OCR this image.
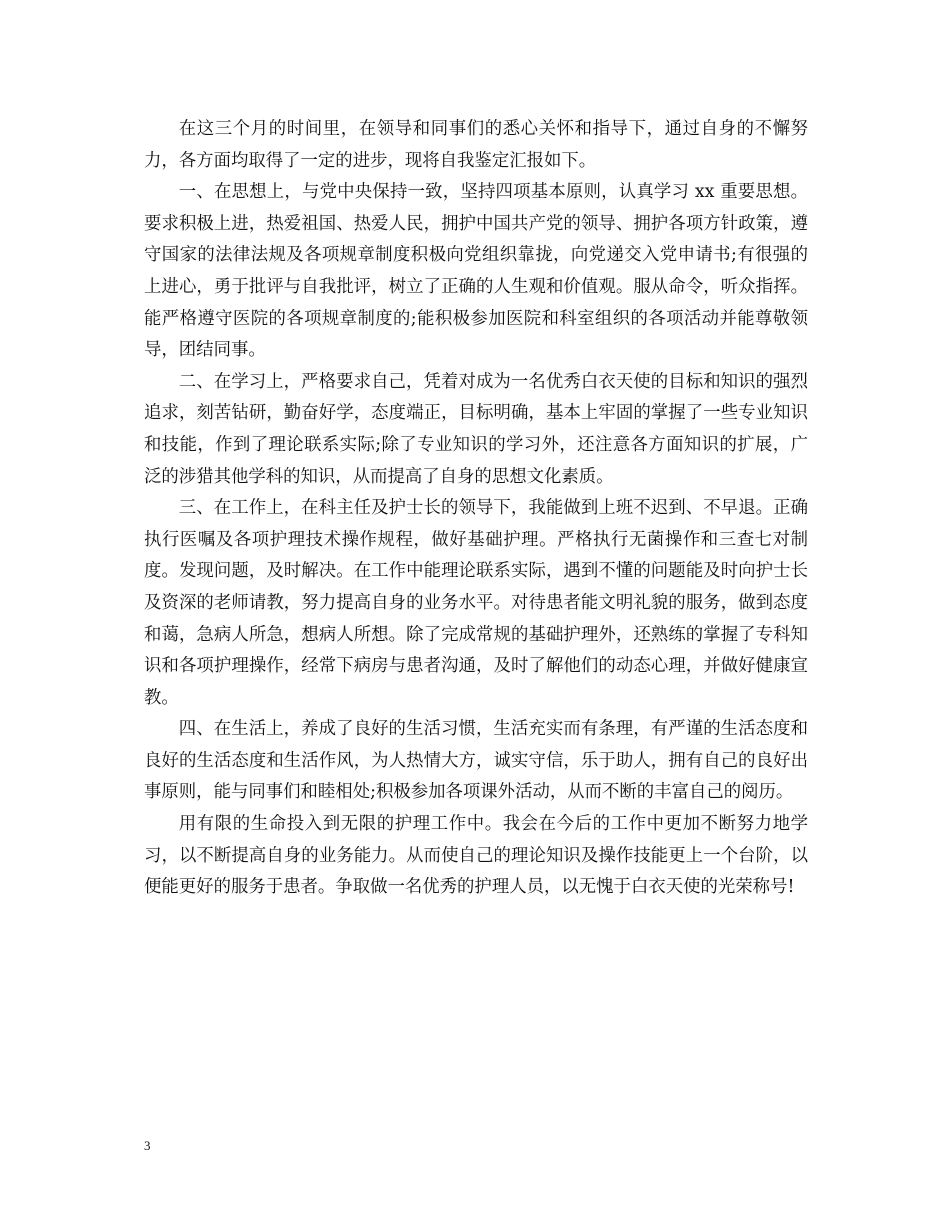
在这三个月的时间里，在领导和同事们的悉心关怀和指导下，通过自身的不懈努力，各方面均取得了一定的进步，现将自我鉴定汇报如下。

一、在思想上，与党中央保持一致，坚持四项基本原则，认真学习 xx 重要思想。要求积极上进，热爱祖国、热爱人民，拥护中国共产党的领导、拥护各项方针政策，遵守国家的法律法规及各项规章制度积极向党组织靠拢，向党递交入党申请书;有很强的上进心，勇于批评与自我批评，树立了正确的人生观和价值观。服从命令，听众指挥。能严格遵守医院的各项规章制度的;能积极参加医院和科室组织的各项活动并能尊敬领导，团结同事。

二、在学习上，严格要求自己，凭着对成为一名优秀白衣天使的目标和知识的强烈追求，刻苦钻研，勤奋好学，态度端正，目标明确，基本上牢固的掌握了一些专业知识和技能，作到了理论联系实际;除了专业知识的学习外，还注意各方面知识的扩展，广泛的涉猎其他学科的知识，从而提高了自身的思想文化素质。

三、在工作上，在科主任及护士长的领导下，我能做到上班不迟到、不早退。正确执行医嘱及各项护理技术操作规程，做好基础护理。严格执行无菌操作和三查七对制度。发现问题，及时解决。在工作中能理论联系实际，遇到不懂的问题能及时向护士长及资深的老师请教，努力提高自身的业务水平。对待患者能文明礼貌的服务，做到态度和蔼，急病人所急，想病人所想。除了完成常规的基础护理外，还熟练的掌握了专科知识和各项护理操作，经常下病房与患者沟通，及时了解他们的动态心理，并做好健康宣教。

四、在生活上，养成了良好的生活习惯，生活充实而有条理，有严谨的生活态度和良好的生活态度和生活作风，为人热情大方，诚实守信，乐于助人，拥有自己的良好出事原则，能与同事们和睦相处;积极参加各项课外活动，从而不断的丰富自己的阅历。

用有限的生命投入到无限的护理工作中。我会在今后的工作中更加不断努力地学习，以不断提高自身的业务能力。从而使自己的理论知识及操作技能更上一个台阶，以便能更好的服务于患者。争取做一名优秀的护理人员，以无愧于白衣天使的光荣称号!

3
